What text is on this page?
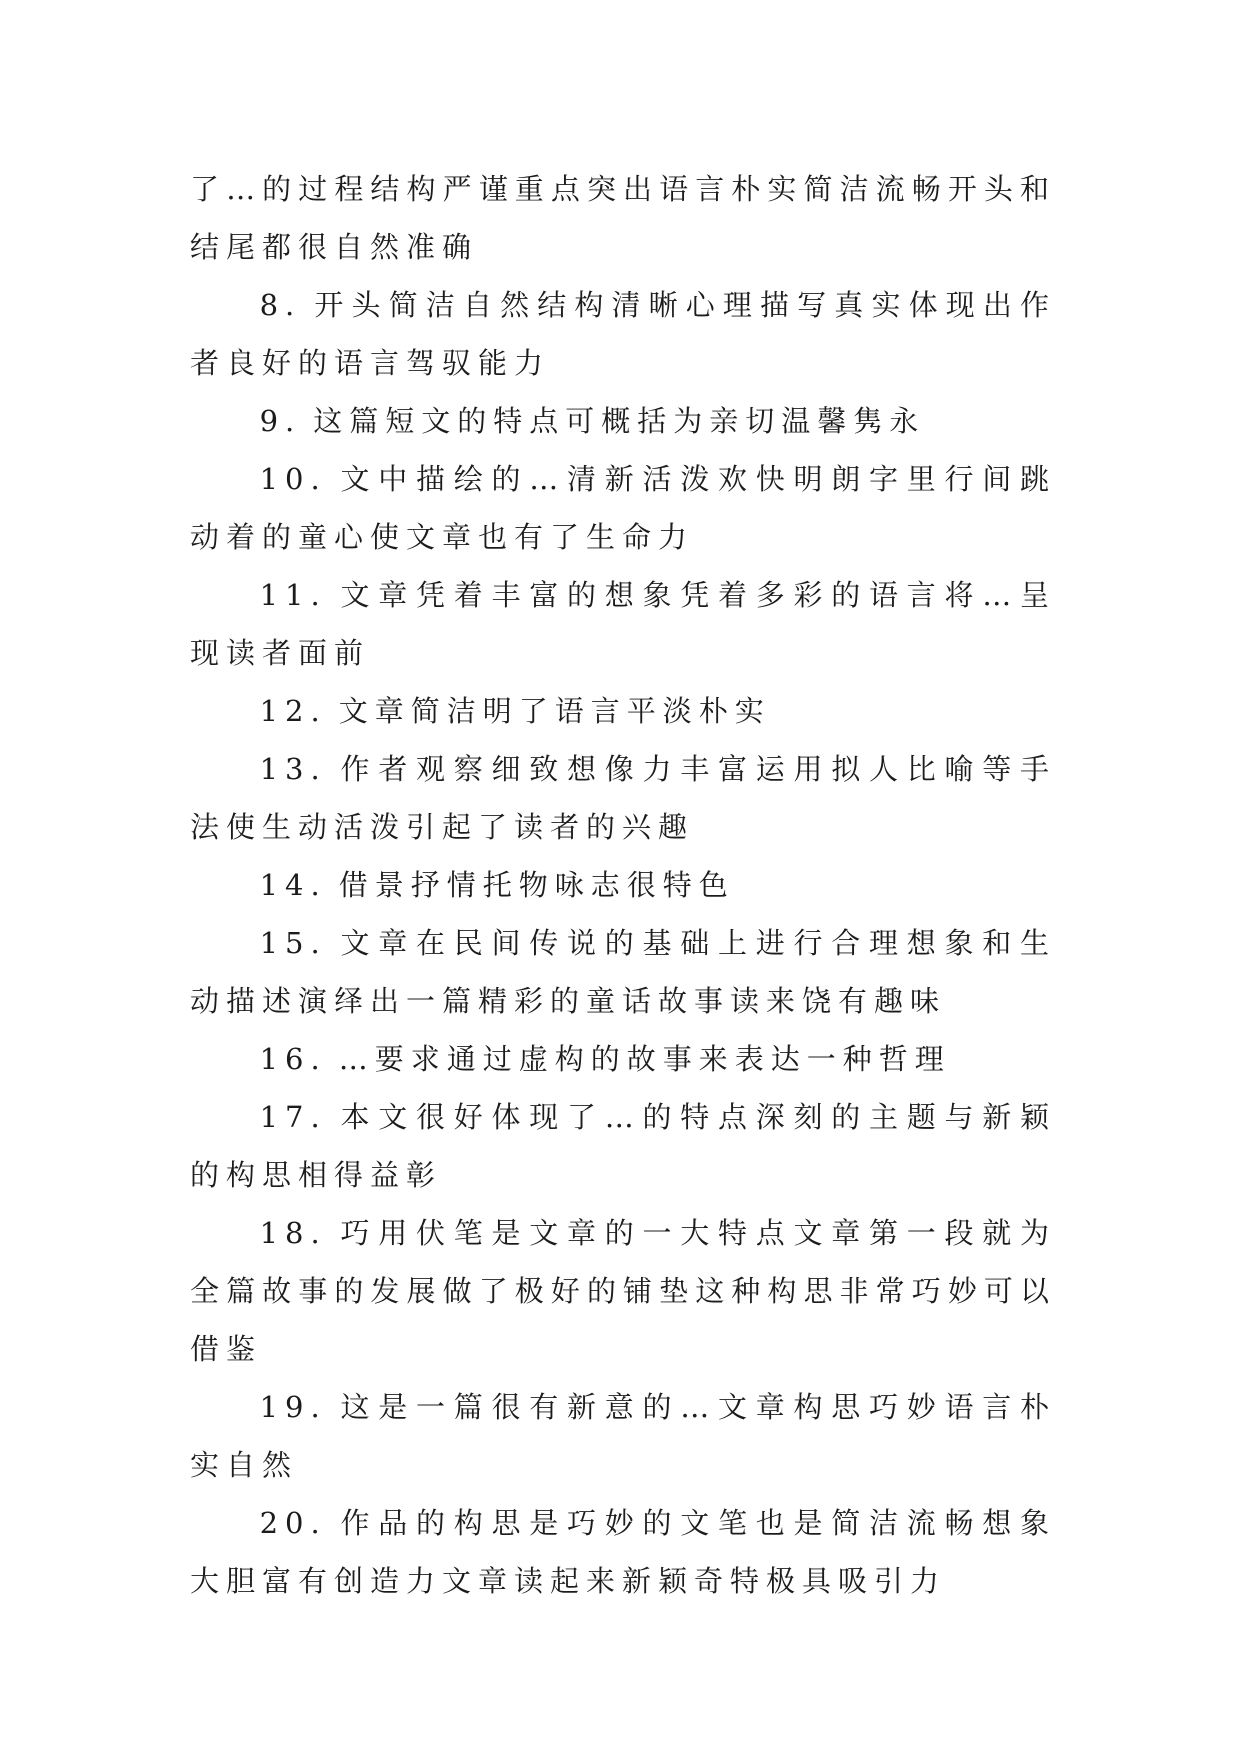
了…的过程结构严谨重点突出语言朴实简洁流畅开头和结尾都很自然准确

8. 开头简洁自然结构清晰心理描写真实体现出作者良好的语言驾驭能力

9. 这篇短文的特点可概括为亲切温馨隽永

10. 文中描绘的…清新活泼欢快明朗字里行间跳动着的童心使文章也有了生命力

11. 文章凭着丰富的想象凭着多彩的语言将…呈现读者面前

12. 文章简洁明了语言平淡朴实

13. 作者观察细致想像力丰富运用拟人比喻等手法使生动活泼引起了读者的兴趣

14. 借景抒情托物咏志很特色

15. 文章在民间传说的基础上进行合理想象和生动描述演绎出一篇精彩的童话故事读来饶有趣味

16. …要求通过虚构的故事来表达一种哲理

17. 本文很好体现了…的特点深刻的主题与新颖的构思相得益彰

18. 巧用伏笔是文章的一大特点文章第一段就为全篇故事的发展做了极好的铺垫这种构思非常巧妙可以借鉴

19. 这是一篇很有新意的…文章构思巧妙语言朴实自然

20. 作品的构思是巧妙的文笔也是简洁流畅想象大胆富有创造力文章读起来新颖奇特极具吸引力
